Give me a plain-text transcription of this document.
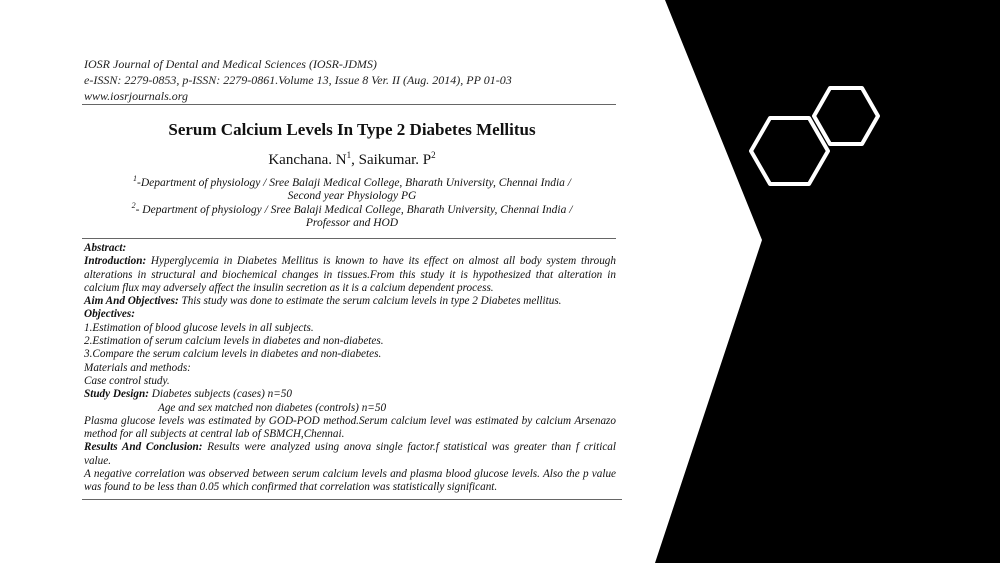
IOSR Journal of Dental and Medical Sciences (IOSR-JDMS)
e-ISSN: 2279-0853, p-ISSN: 2279-0861.Volume 13, Issue 8 Ver. II (Aug. 2014), PP 01-03
www.iosrjournals.org
Serum Calcium Levels In Type 2 Diabetes Mellitus
Kanchana. $N^1$, Saikumar. $P^2$
$^1$-Department of physiology / Sree Balaji Medical College, Bharath University, Chennai India /
Second year Physiology PG
$^2$- Department of physiology / Sree Balaji Medical College, Bharath University, Chennai India /
Professor and HOD

Abstract:

Introduction: Hyperglycemia in Diabetes Mellitus is known to have its effect on almost all body system through alterations in structural and biochemical changes in tissues.From this study it is hypothesized that alteration in calcium flux may adversely affect the insulin secretion as it is a calcium dependent process.

Aim And Objectives: This study was done to estimate the serum calcium levels in type 2 Diabetes mellitus.

Objectives:

1.Estimation of blood glucose levels in all subjects.

2.Estimation of serum calcium levels in diabetes and non-diabetes.

3.Compare the serum calcium levels in diabetes and non-diabetes.

Materials and methods:

Case control study.

Study Design: Diabetes subjects (cases) n=50

Age and sex matched non diabetes (controls) n=50

Plasma glucose levels was estimated by GOD-POD method.Serum calcium level was estimated by calcium Arsenazo method for all subjects at central lab of SBMCH,Chennai.

Results And Conclusion: Results were analyzed using anova single factor.f statistical was greater than f critical value.

A negative correlation was observed between serum calcium levels and plasma blood glucose levels. Also the p value was found to be less than 0.05 which confirmed that correlation was statistically significant.
